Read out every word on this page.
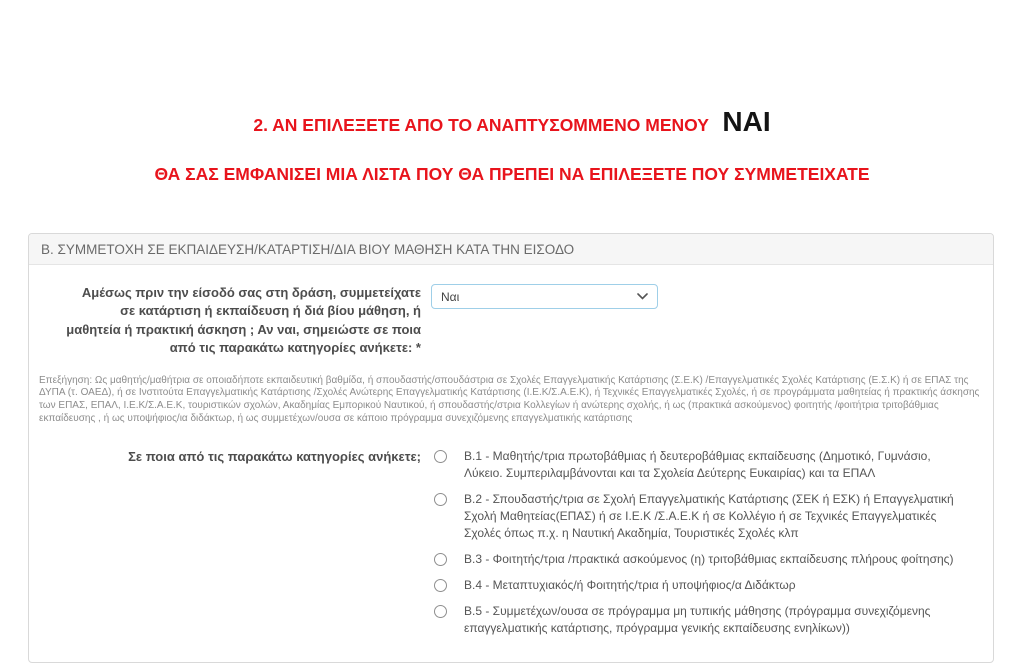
2. ΑΝ ΕΠΙΛΕΞΕΤΕ ΑΠΟ ΤΟ ΑΝΑΠΤΥΣΟΜΜΕΝΟ ΜΕΝΟΥ ΝΑΙ
ΘΑ ΣΑΣ ΕΜΦΑΝΙΣΕΙ ΜΙΑ ΛΙΣΤΑ ΠΟΥ ΘΑ ΠΡΕΠΕΙ ΝΑ ΕΠΙΛΕΞΕΤΕ ΠΟΥ ΣΥΜΜΕΤΕΙΧΑΤΕ
Β. ΣΥΜΜΕΤΟΧΗ ΣΕ ΕΚΠΑΙΔΕΥΣΗ/ΚΑΤΑΡΤΙΣΗ/ΔΙΑ ΒΙΟΥ ΜΑΘΗΣΗ ΚΑΤΑ ΤΗΝ ΕΙΣΟΔΟ
Αμέσως πριν την είσοδό σας στη δράση, συμμετείχατε σε κατάρτιση ή εκπαίδευση ή διά βίου μάθηση, ή μαθητεία ή πρακτική άσκηση ; Αν ναι, σημειώστε σε ποια από τις παρακάτω κατηγορίες ανήκετε: *
Ναι
Επεξήγηση: Ως μαθητής/μαθήτρια σε οποιαδήποτε εκπαιδευτική βαθμίδα, ή σπουδαστής/σπουδάστρια σε Σχολές Επαγγελματικής Κατάρτισης (Σ.Ε.Κ) /Επαγγελματικές Σχολές Κατάρτισης (Ε.Σ.Κ) ή σε ΕΠΑΣ της ΔΥΠΑ (τ. ΟΑΕΔ), ή σε Ινστιτούτα Επαγγελματικής Κατάρτισης /Σχολές Ανώτερης Επαγγελματικής Κατάρτισης (Ι.Ε.Κ/Σ.Α.Ε.Κ), ή Τεχνικές Επαγγελματικές Σχολές, ή σε προγράμματα μαθητείας ή πρακτικής άσκησης των ΕΠΑΣ, ΕΠΑΛ, Ι.Ε.Κ/Σ.Α.Ε.Κ, τουριστικών σχολών, Ακαδημίας Εμπορικού Ναυτικού, ή σπουδαστής/στρια Κολλεγίων ή ανώτερης σχολής, ή ως (πρακτικά ασκούμενος) φοιτητής /φοιτήτρια τριτοβάθμιας εκπαίδευσης , ή ως υποψήφιος/ια διδάκτωρ, ή ως συμμετέχων/ουσα σε κάποιο πρόγραμμα συνεχιζόμενης επαγγελματικής κατάρτισης
Σε ποια από τις παρακάτω κατηγορίες ανήκετε;	Β.1 - Μαθητής/τρια πρωτοβάθμιας ή δευτεροβάθμιας εκπαίδευσης (Δημοτικό, Γυμνάσιο, Λύκειο. Συμπεριλαμβάνονται και τα Σχολεία Δεύτερης Ευκαιρίας) και τα ΕΠΑΛ
Β.2 - Σπουδαστής/τρια σε Σχολή Επαγγελματικής Κατάρτισης (ΣΕΚ ή ΕΣΚ) ή Επαγγελματική Σχολή Μαθητείας(ΕΠΑΣ) ή σε Ι.Ε.Κ /Σ.Α.Ε.Κ ή σε Κολλέγιο ή σε Τεχνικές Επαγγελματικές Σχολές όπως π.χ. η Ναυτική Ακαδημία, Τουριστικές Σχολές κλπ
Β.3 - Φοιτητής/τρια /πρακτικά ασκούμενος (η) τριτοβάθμιας εκπαίδευσης πλήρους φοίτησης)
Β.4 - Μεταπτυχιακός/ή Φοιτητής/τρια ή υποψήφιος/α Διδάκτωρ
Β.5 - Συμμετέχων/ουσα σε πρόγραμμα μη τυπικής μάθησης (πρόγραμμα συνεχιζόμενης επαγγελματικής κατάρτισης, πρόγραμμα γενικής εκπαίδευσης ενηλίκων))
